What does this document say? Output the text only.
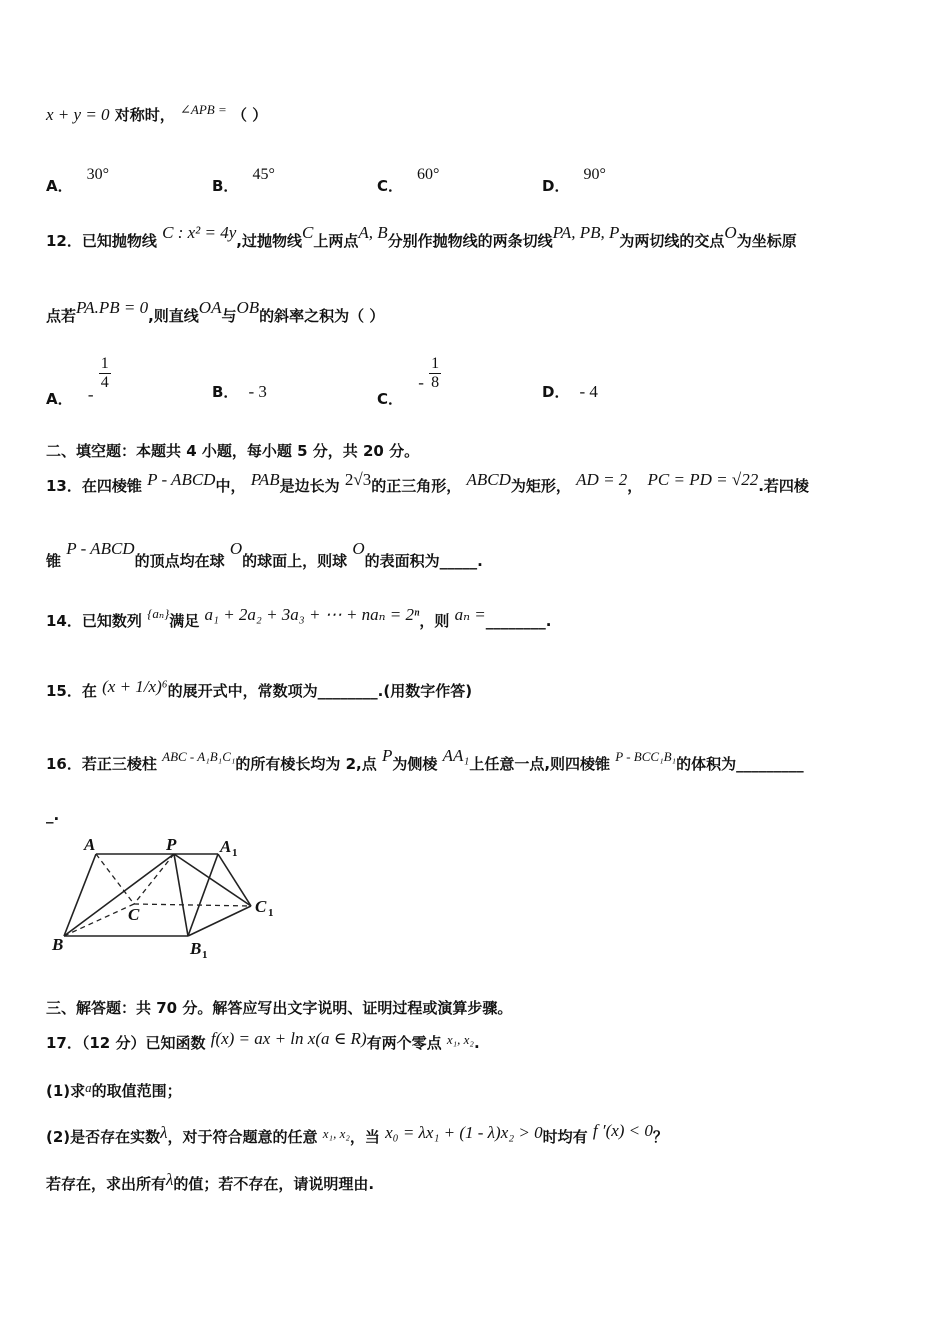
x + y = 0 对称时， ∠APB = （ ）
A．30°
B．45°
C．60°
D．90°
12．已知抛物线 C : x² = 4y,过抛物线C上两点A, B分别作抛物线的两条切线PA, PB, P为两切线的交点O为坐标原
点若PA.PB = 0,则直线OA与OB的斜率之积为（ ）
A． -
$\frac{1}{4}$	B． - 3	C． - $\frac{1}{8}$	D． - 4
二、填空题：本题共 4 小题，每小题 5 分，共 20 分。
13．在四棱锥 P - ABCD中， PAB是边长为 2√3的正三角形， ABCD为矩形， AD = 2， PC = PD = √22.若四棱
锥 P - ABCD的顶点均在球 O的球面上，则球 O的表面积为_____.
14．已知数列 {aₙ}满足 a₁ + 2a₂ + 3a₃ + ⋯ + naₙ = 2ⁿ，则 aₙ =________.
15．在 (x + 1/x)⁶的展开式中，常数项为________.(用数字作答)
16．若正三棱柱 ABC - A₁B₁C₁的所有棱长均为 2,点 P为侧棱 AA₁上任意一点,则四棱锥 P - BCC₁B₁的体积为_________
_.
A	P	A 1
C	C 1
B	B 1
三、解答题：共 70 分。解答应写出文字说明、证明过程或演算步骤。
17．（12 分）已知函数 f(x) = ax + ln x(a ∈ R)有两个零点 x₁, x₂.
(1)求a的取值范围；
(2)是否存在实数λ，对于符合题意的任意 x₁, x₂，当 x₀ = λx₁ + (1 - λ)x₂ > 0时均有 f ′(x) < 0？
若存在，求出所有λ的值；若不存在，请说明理由.
